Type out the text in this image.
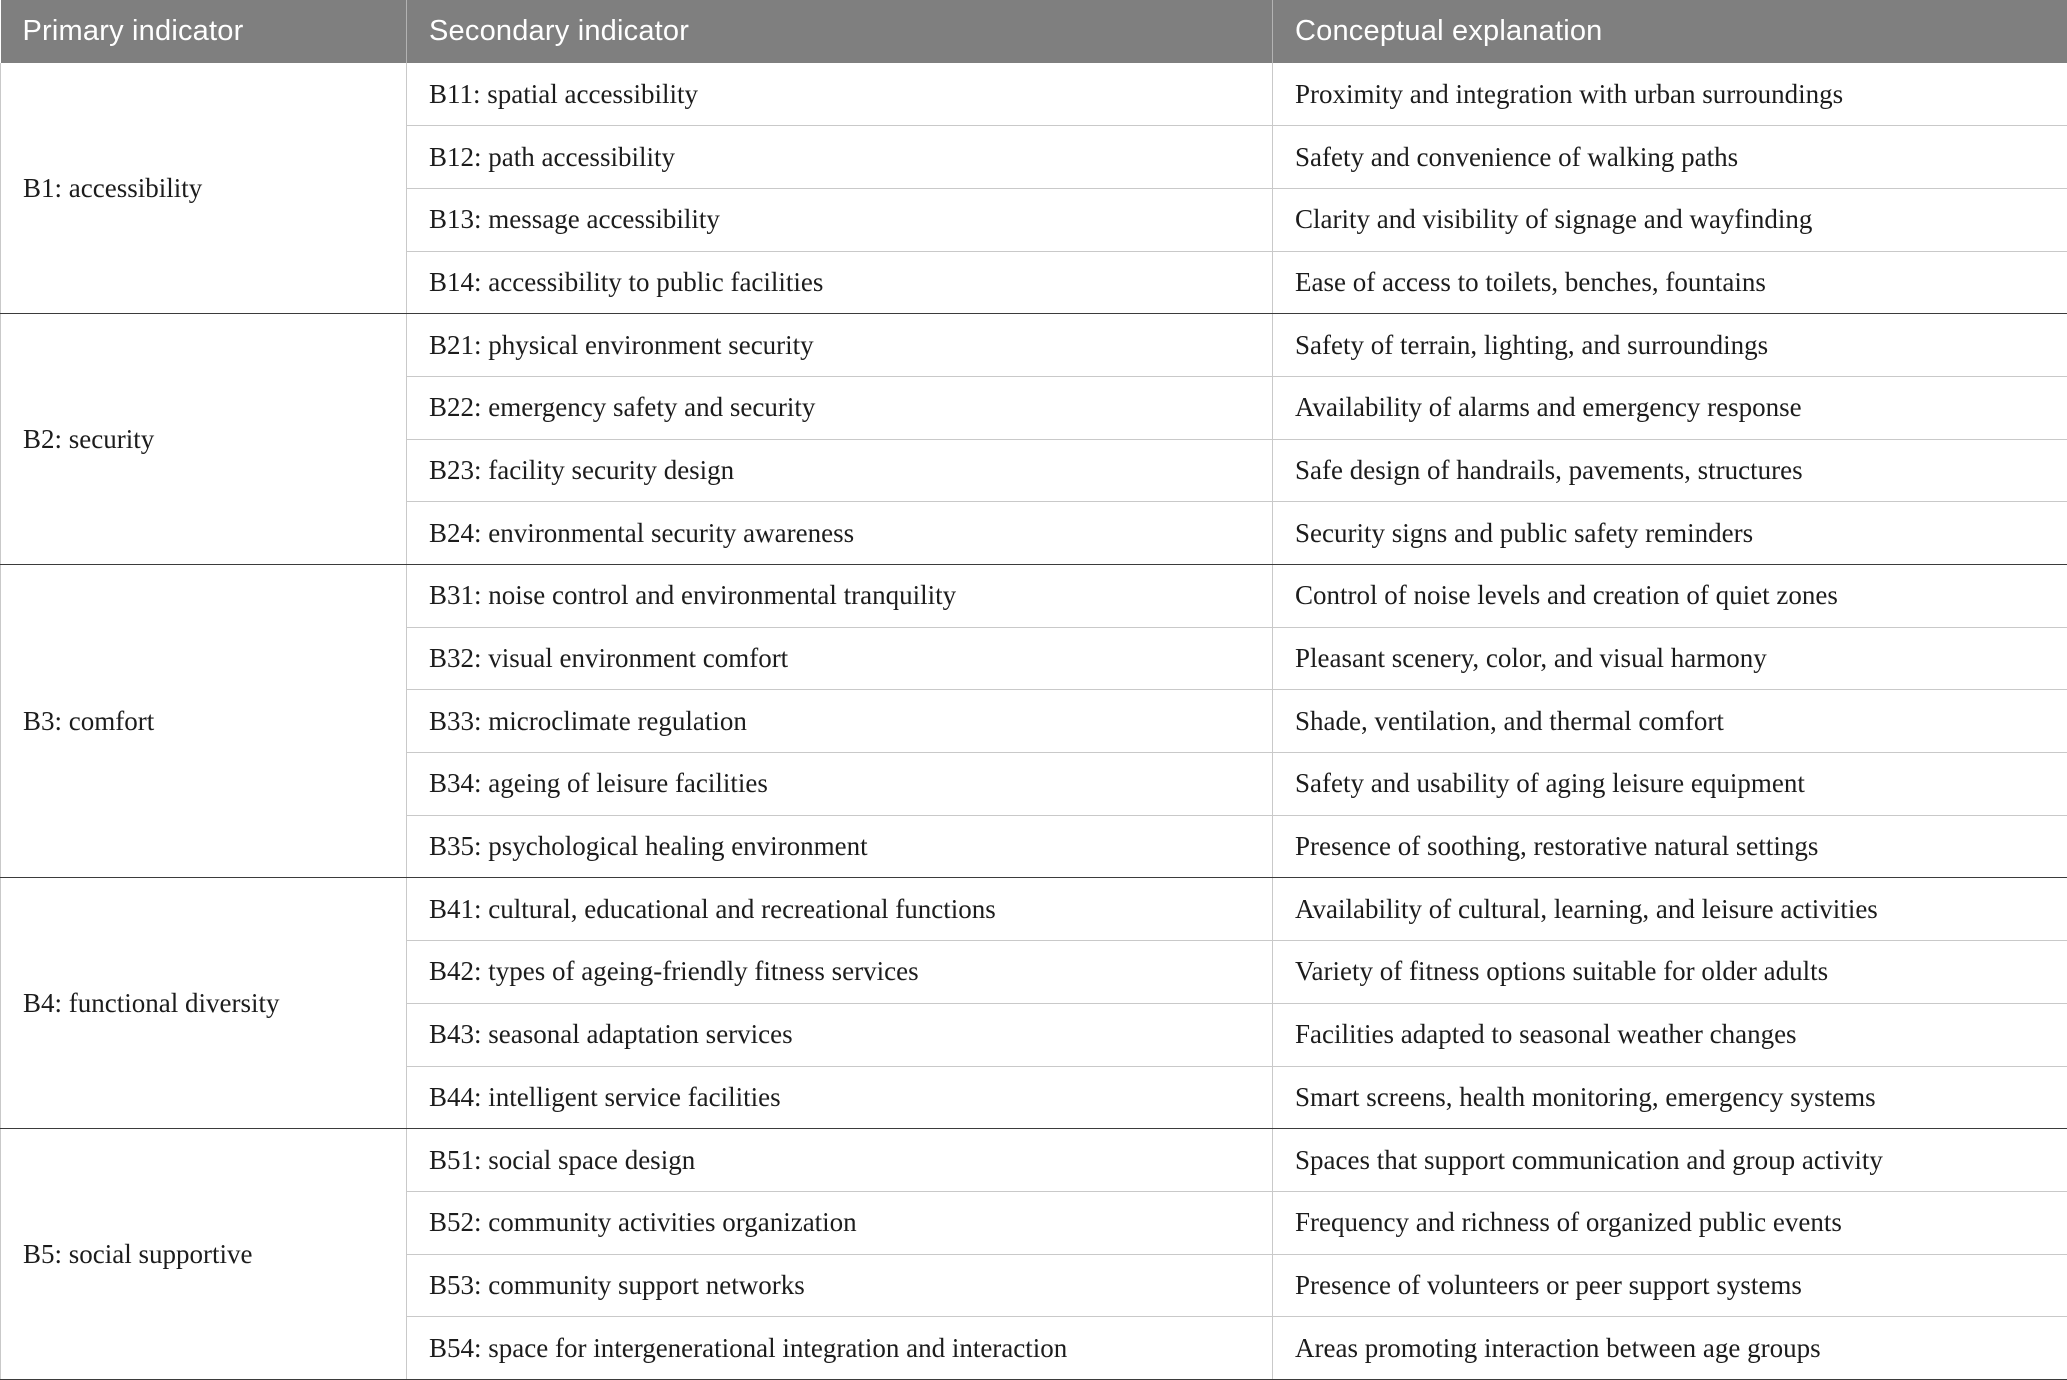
Primary indicator	Secondary indicator	Conceptual explanation
B1: accessibility	B11: spatial accessibility	Proximity and integration with urban surroundings
	B12: path accessibility	Safety and convenience of walking paths
	B13: message accessibility	Clarity and visibility of signage and wayfinding
	B14: accessibility to public facilities	Ease of access to toilets, benches, fountains
B2: security	B21: physical environment security	Safety of terrain, lighting, and surroundings
	B22: emergency safety and security	Availability of alarms and emergency response
	B23: facility security design	Safe design of handrails, pavements, structures
	B24: environmental security awareness	Security signs and public safety reminders
B3: comfort	B31: noise control and environmental tranquility	Control of noise levels and creation of quiet zones
	B32: visual environment comfort	Pleasant scenery, color, and visual harmony
	B33: microclimate regulation	Shade, ventilation, and thermal comfort
	B34: ageing of leisure facilities	Safety and usability of aging leisure equipment
	B35: psychological healing environment	Presence of soothing, restorative natural settings
B4: functional diversity	B41: cultural, educational and recreational functions	Availability of cultural, learning, and leisure activities
	B42: types of ageing-friendly fitness services	Variety of fitness options suitable for older adults
	B43: seasonal adaptation services	Facilities adapted to seasonal weather changes
	B44: intelligent service facilities	Smart screens, health monitoring, emergency systems
B5: social supportive	B51: social space design	Spaces that support communication and group activity
	B52: community activities organization	Frequency and richness of organized public events
	B53: community support networks	Presence of volunteers or peer support systems
	B54: space for intergenerational integration and interaction	Areas promoting interaction between age groups
